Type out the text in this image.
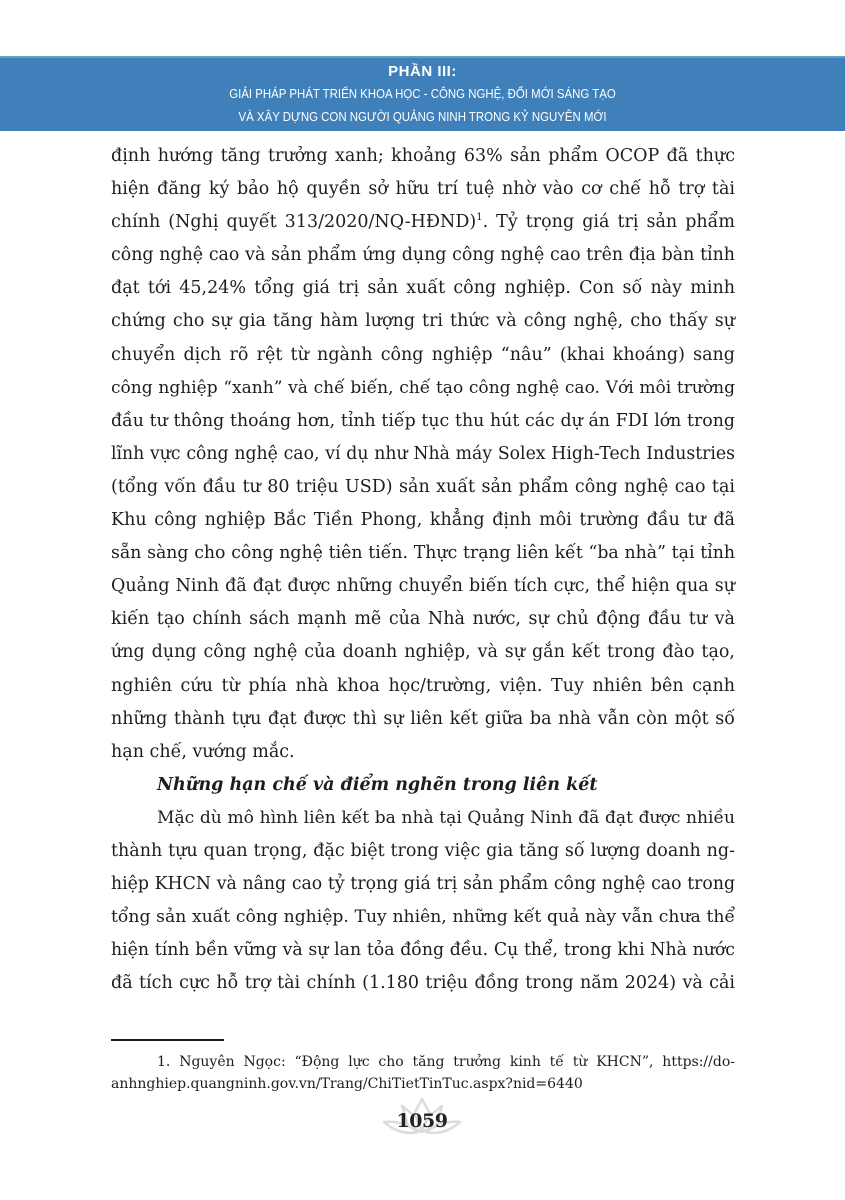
PHẦN III:
GIẢI PHÁP PHÁT TRIỂN KHOA HỌC - CÔNG NGHỆ, ĐỔI MỚI SÁNG TẠO
VÀ XÂY DỰNG CON NGƯỜI QUẢNG NINH TRONG KỶ NGUYÊN MỚI
định hướng tăng trưởng xanh; khoảng 63% sản phẩm OCOP đã thực
hiện đăng ký bảo hộ quyền sở hữu trí tuệ nhờ vào cơ chế hỗ trợ tài
chính (Nghị quyết 313/2020/NQ-HĐND)$^1$. Tỷ trọng giá trị sản phẩm
công nghệ cao và sản phẩm ứng dụng công nghệ cao trên địa bàn tỉnh
đạt tới 45,24% tổng giá trị sản xuất công nghiệp. Con số này minh
chứng cho sự gia tăng hàm lượng tri thức và công nghệ, cho thấy sự
chuyển dịch rõ rệt từ ngành công nghiệp “nâu” (khai khoáng) sang
công nghiệp “xanh” và chế biến, chế tạo công nghệ cao. Với môi trường
đầu tư thông thoáng hơn, tỉnh tiếp tục thu hút các dự án FDI lớn trong
lĩnh vực công nghệ cao, ví dụ như Nhà máy Solex High-Tech Industries
(tổng vốn đầu tư 80 triệu USD) sản xuất sản phẩm công nghệ cao tại
Khu công nghiệp Bắc Tiền Phong, khẳng định môi trường đầu tư đã
sẵn sàng cho công nghệ tiên tiến. Thực trạng liên kết “ba nhà” tại tỉnh
Quảng Ninh đã đạt được những chuyển biến tích cực, thể hiện qua sự
kiến tạo chính sách mạnh mẽ của Nhà nước, sự chủ động đầu tư và
ứng dụng công nghệ của doanh nghiệp, và sự gắn kết trong đào tạo,
nghiên cứu từ phía nhà khoa học/trường, viện. Tuy nhiên bên cạnh
những thành tựu đạt được thì sự liên kết giữa ba nhà vẫn còn một số
hạn chế, vướng mắc.
Những hạn chế và điểm nghẽn trong liên kết
Mặc dù mô hình liên kết ba nhà tại Quảng Ninh đã đạt được nhiều
thành tựu quan trọng, đặc biệt trong việc gia tăng số lượng doanh ng-
hiệp KHCN và nâng cao tỷ trọng giá trị sản phẩm công nghệ cao trong
tổng sản xuất công nghiệp. Tuy nhiên, những kết quả này vẫn chưa thể
hiện tính bền vững và sự lan tỏa đồng đều. Cụ thể, trong khi Nhà nước
đã tích cực hỗ trợ tài chính (1.180 triệu đồng trong năm 2024) và cải
1. Nguyên Ngọc: “Động lực cho tăng trưởng kinh tế từ KHCN”, https://do-
anhnghiep.quangninh.gov.vn/Trang/ChiTietTinTuc.aspx?nid=6440
1059
